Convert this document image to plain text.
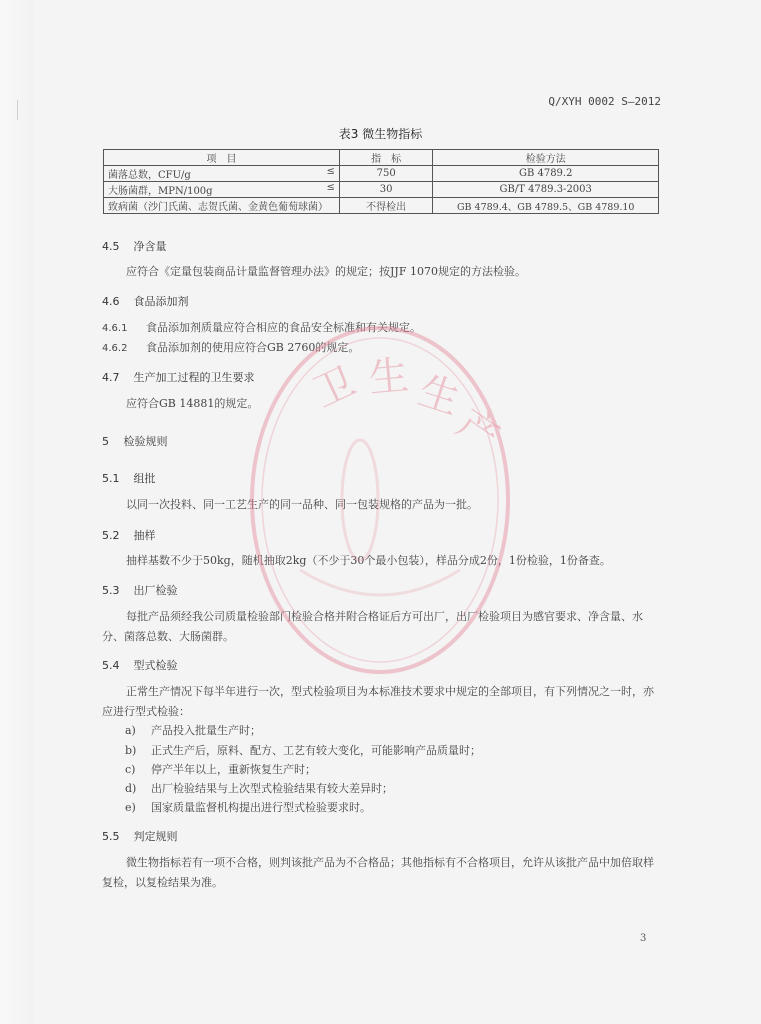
Q/XYH 0002 S—2012
表3 微生物指标
项　目	指　标	检验方法

菌落总数，CFU/g ≤	750	GB 4789.2

大肠菌群，MPN/100g ≤	30	GB/T 4789.3-2003

致病菌（沙门氏菌、志贺氏菌、金黄色葡萄球菌）	不得检出	GB 4789.4、GB 4789.5、GB 4789.10
4.5 净含量
应符合《定量包装商品计量监督管理办法》的规定；按JJF 1070规定的方法检验。
4.6 食品添加剂
4.6.1 食品添加剂质量应符合相应的食品安全标准和有关规定。
4.6.2 食品添加剂的使用应符合GB 2760的规定。
4.7 生产加工过程的卫生要求
应符合GB 14881的规定。
5 检验规则
5.1 组批
以同一次投料、同一工艺生产的同一品种、同一包装规格的产品为一批。
5.2 抽样
抽样基数不少于50kg，随机抽取2kg（不少于30个最小包装），样品分成2份，1份检验，1份备查。
5.3 出厂检验
每批产品须经我公司质量检验部门检验合格并附合格证后方可出厂，出厂检验项目为感官要求、净含量、水分、菌落总数、大肠菌群。
5.4 型式检验
正常生产情况下每半年进行一次，型式检验项目为本标准技术要求中规定的全部项目，有下列情况之一时，亦应进行型式检验：
a) 产品投入批量生产时；
b) 正式生产后，原料、配方、工艺有较大变化，可能影响产品质量时；
c) 停产半年以上，重新恢复生产时；
d) 出厂检验结果与上次型式检验结果有较大差异时；
e) 国家质量监督机构提出进行型式检验要求时。
5.5 判定规则
微生物指标若有一项不合格，则判该批产品为不合格品；其他指标有不合格项目，允许从该批产品中加倍取样复检，以复检结果为准。
3
卫 生 生
产
